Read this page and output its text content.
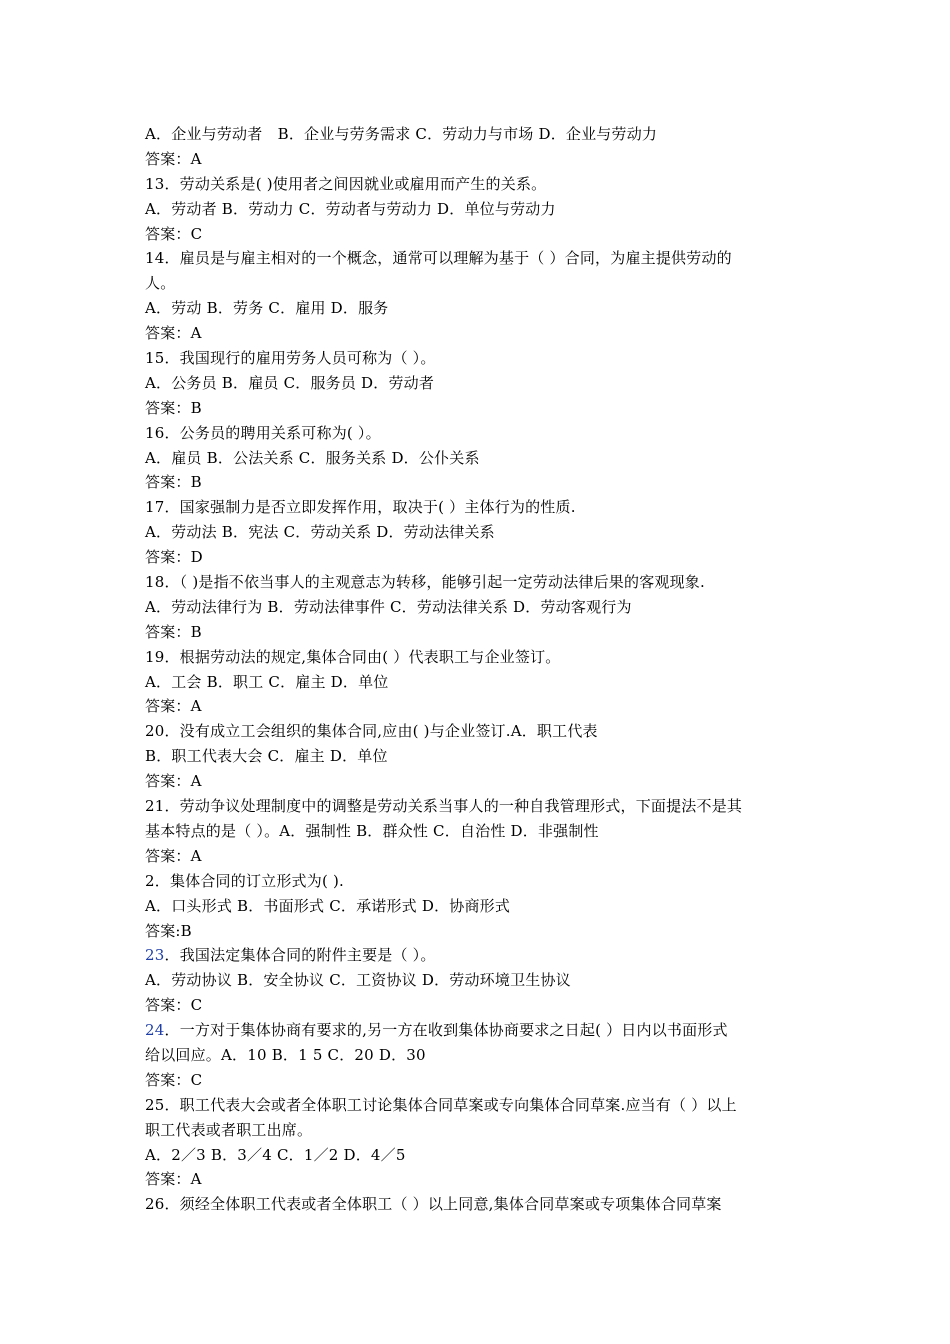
A．企业与劳动者　B．企业与劳务需求 C．劳动力与市场 D．企业与劳动力
答案：A
13．劳动关系是( )使用者之间因就业或雇用而产生的关系。
A．劳动者 B．劳动力 C．劳动者与劳动力 D．单位与劳动力
答案：C
14．雇员是与雇主相对的一个概念，通常可以理解为基于（ ）合同，为雇主提供劳动的
人。
A．劳动 B．劳务 C．雇用 D．服务
答案：A
15．我国现行的雇用劳务人员可称为（ ）。
A．公务员 B．雇员 C．服务员 D．劳动者
答案：B
16．公务员的聘用关系可称为( ）。
A．雇员 B．公法关系 C．服务关系 D．公仆关系
答案：B
17．国家强制力是否立即发挥作用，取决于( ）主体行为的性质.
A．劳动法 B．宪法 C．劳动关系 D．劳动法律关系
答案：D
18．（ )是指不依当事人的主观意志为转移，能够引起一定劳动法律后果的客观现象.
A．劳动法律行为 B．劳动法律事件 C．劳动法律关系 D．劳动客观行为
答案：B
19．根据劳动法的规定,集体合同由( ）代表职工与企业签订。
A．工会 B．职工 C．雇主 D．单位
答案：A
20．没有成立工会组织的集体合同,应由( )与企业签订.A．职工代表
B．职工代表大会 C．雇主 D．单位
答案：A
21．劳动争议处理制度中的调整是劳动关系当事人的一种自我管理形式，下面提法不是其
基本特点的是（ ）。A．强制性 B．群众性 C．自治性 D．非强制性
答案：A
2．集体合同的订立形式为( ).
A．口头形式 B．书面形式 C．承诺形式 D．协商形式
答案:B
23．我国法定集体合同的附件主要是（ ）。
A．劳动协议 B．安全协议 C．工资协议 D．劳动环境卫生协议
答案：C
24．一方对于集体协商有要求的,另一方在收到集体协商要求之日起( ）日内以书面形式
给以回应。A．10 B．1 5 C．20 D．30
答案：C
25．职工代表大会或者全体职工讨论集体合同草案或专向集体合同草案.应当有（ ）以上
职工代表或者职工出席。
A．2／3 B．3／4 C．1／2 D．4／5
答案：A
26．须经全体职工代表或者全体职工（ ）以上同意,集体合同草案或专项集体合同草案
